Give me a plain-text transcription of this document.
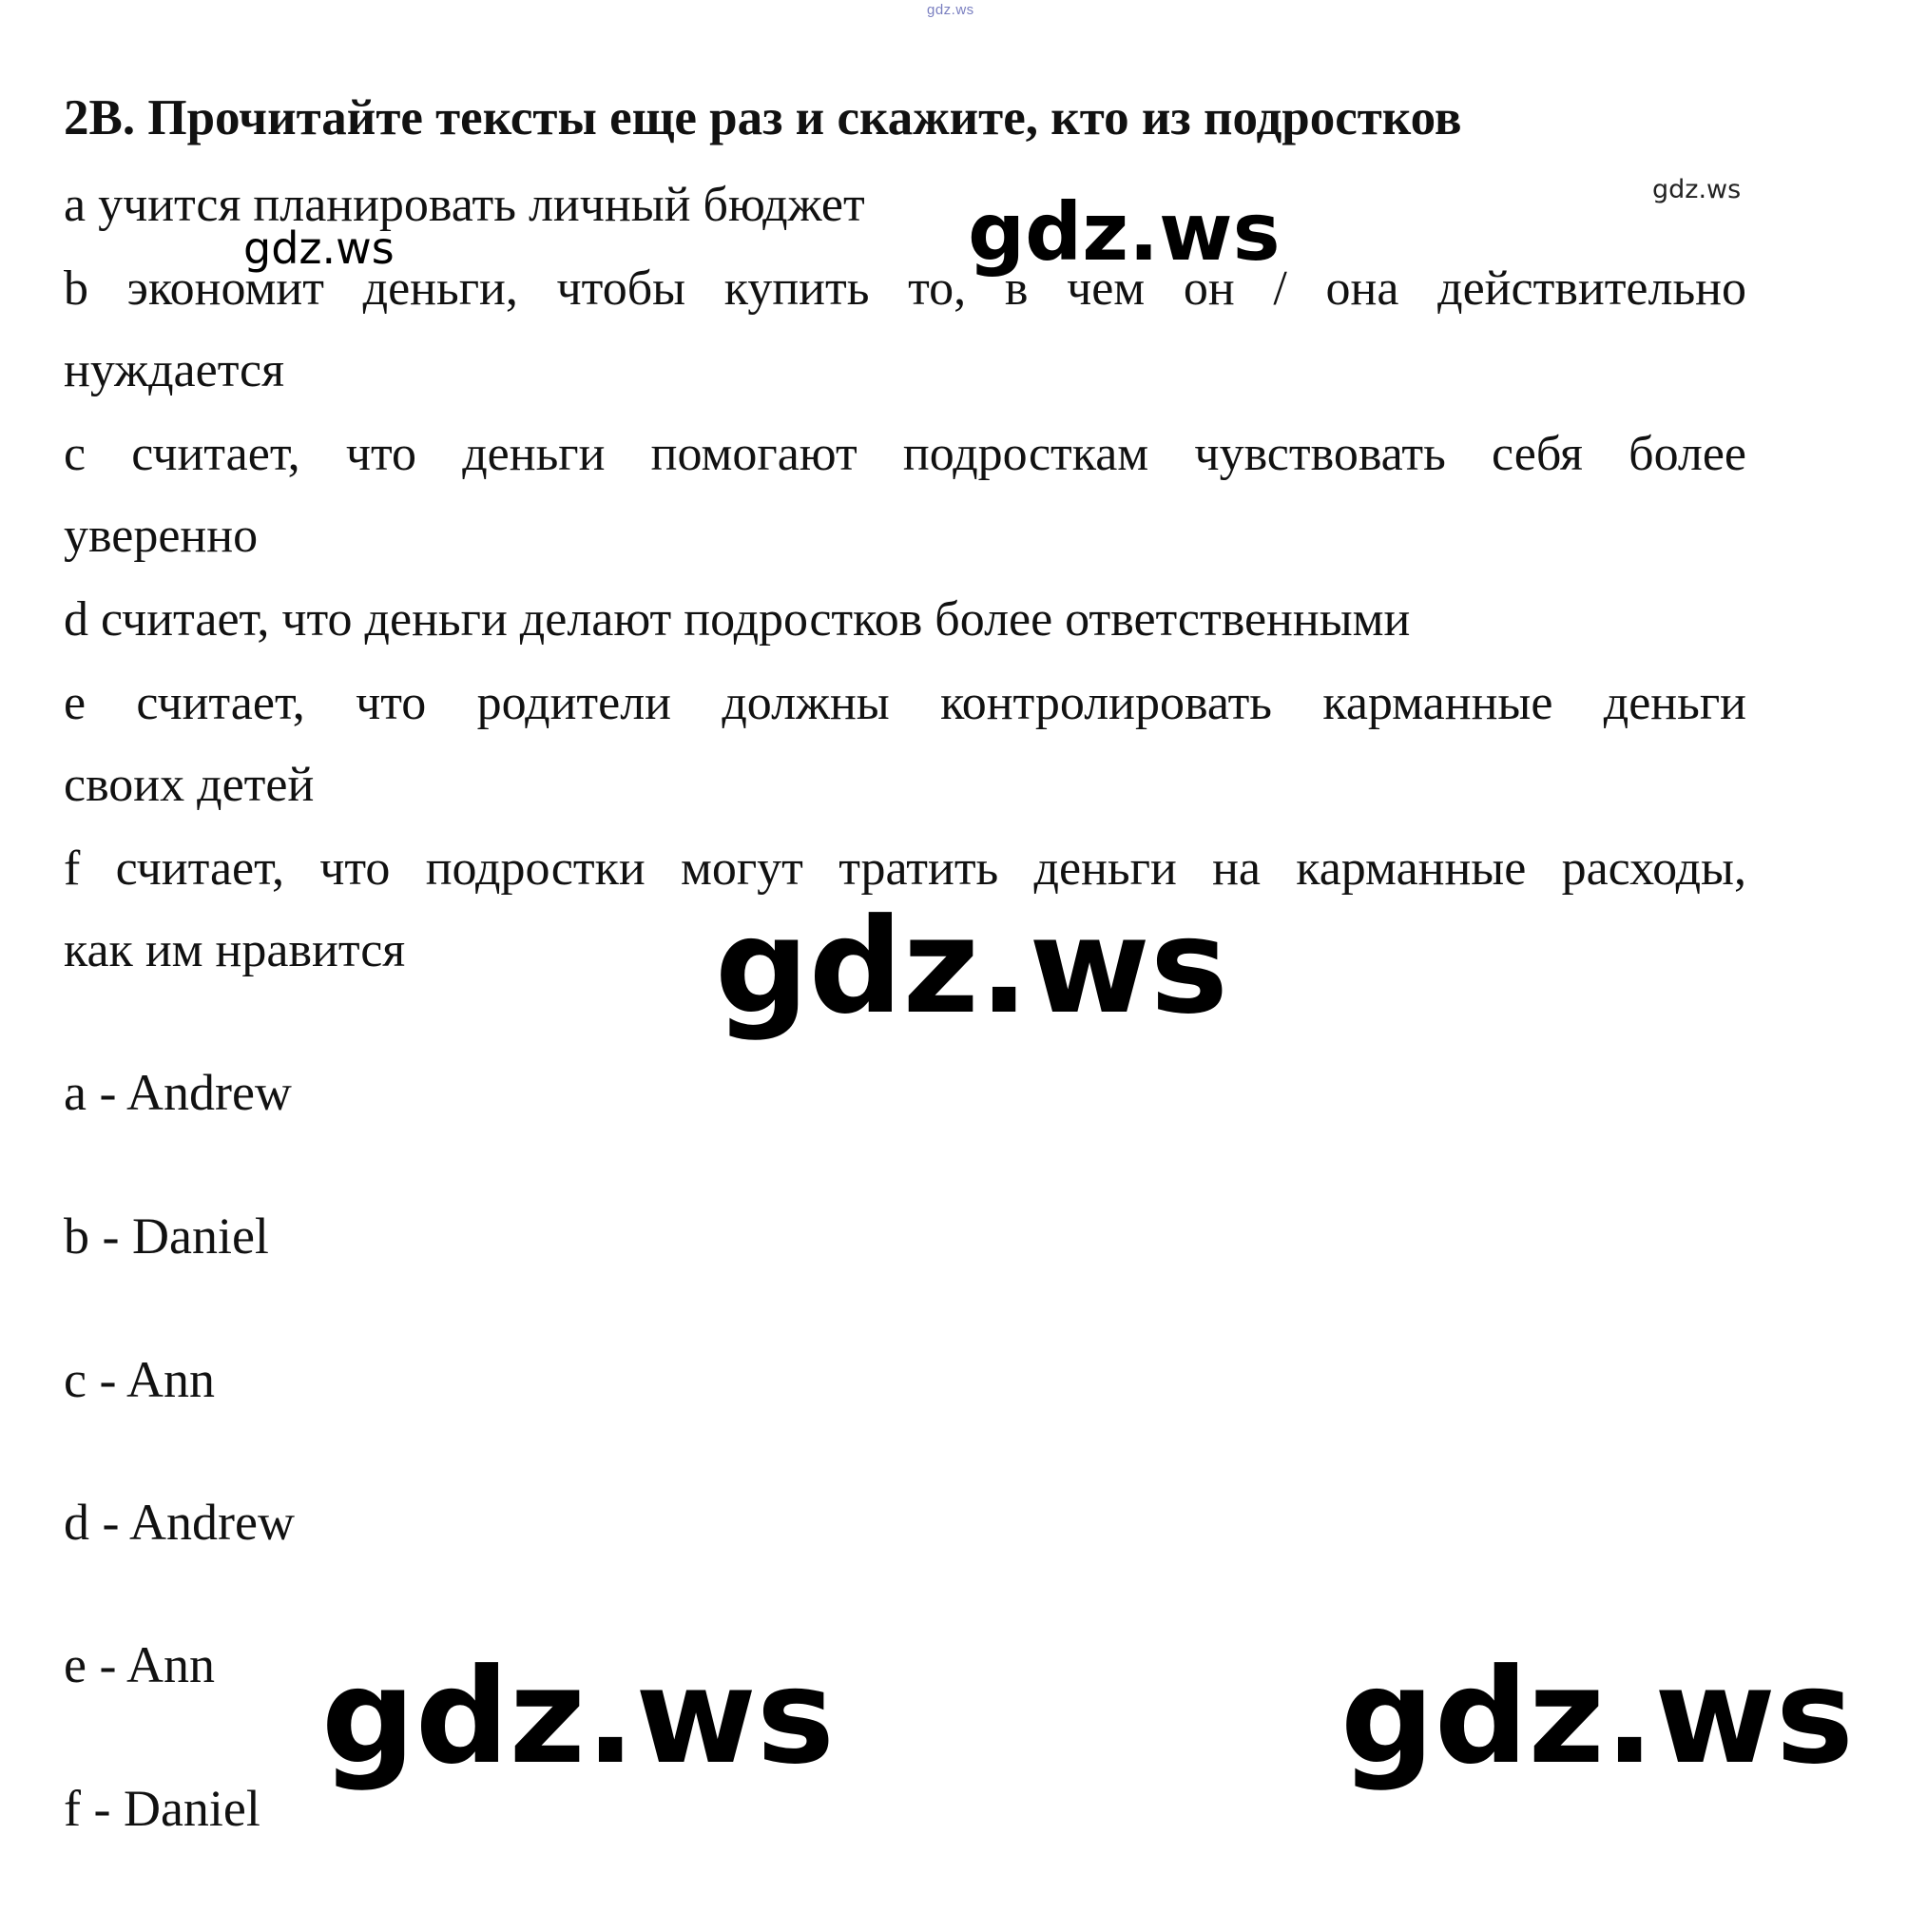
gdz.ws
2B. Прочитайте тексты еще раз и скажите, кто из подростков
a учится планировать личный бюджет
b экономит деньги, чтобы купить то, в чем он / она действительно
нуждается
c считает, что деньги помогают подросткам чувствовать себя более
уверенно
d считает, что деньги делают подростков более ответственными
e считает, что родители должны контролировать карманные деньги
своих детей
f считает, что подростки могут тратить деньги на карманные расходы,
как им нравится
a - Andrew
b - Daniel
c - Ann
d - Andrew
e - Ann
f - Daniel
gdz.ws
gdz.ws
gdz.ws
gdz.ws
gdz.ws	gdz.ws
